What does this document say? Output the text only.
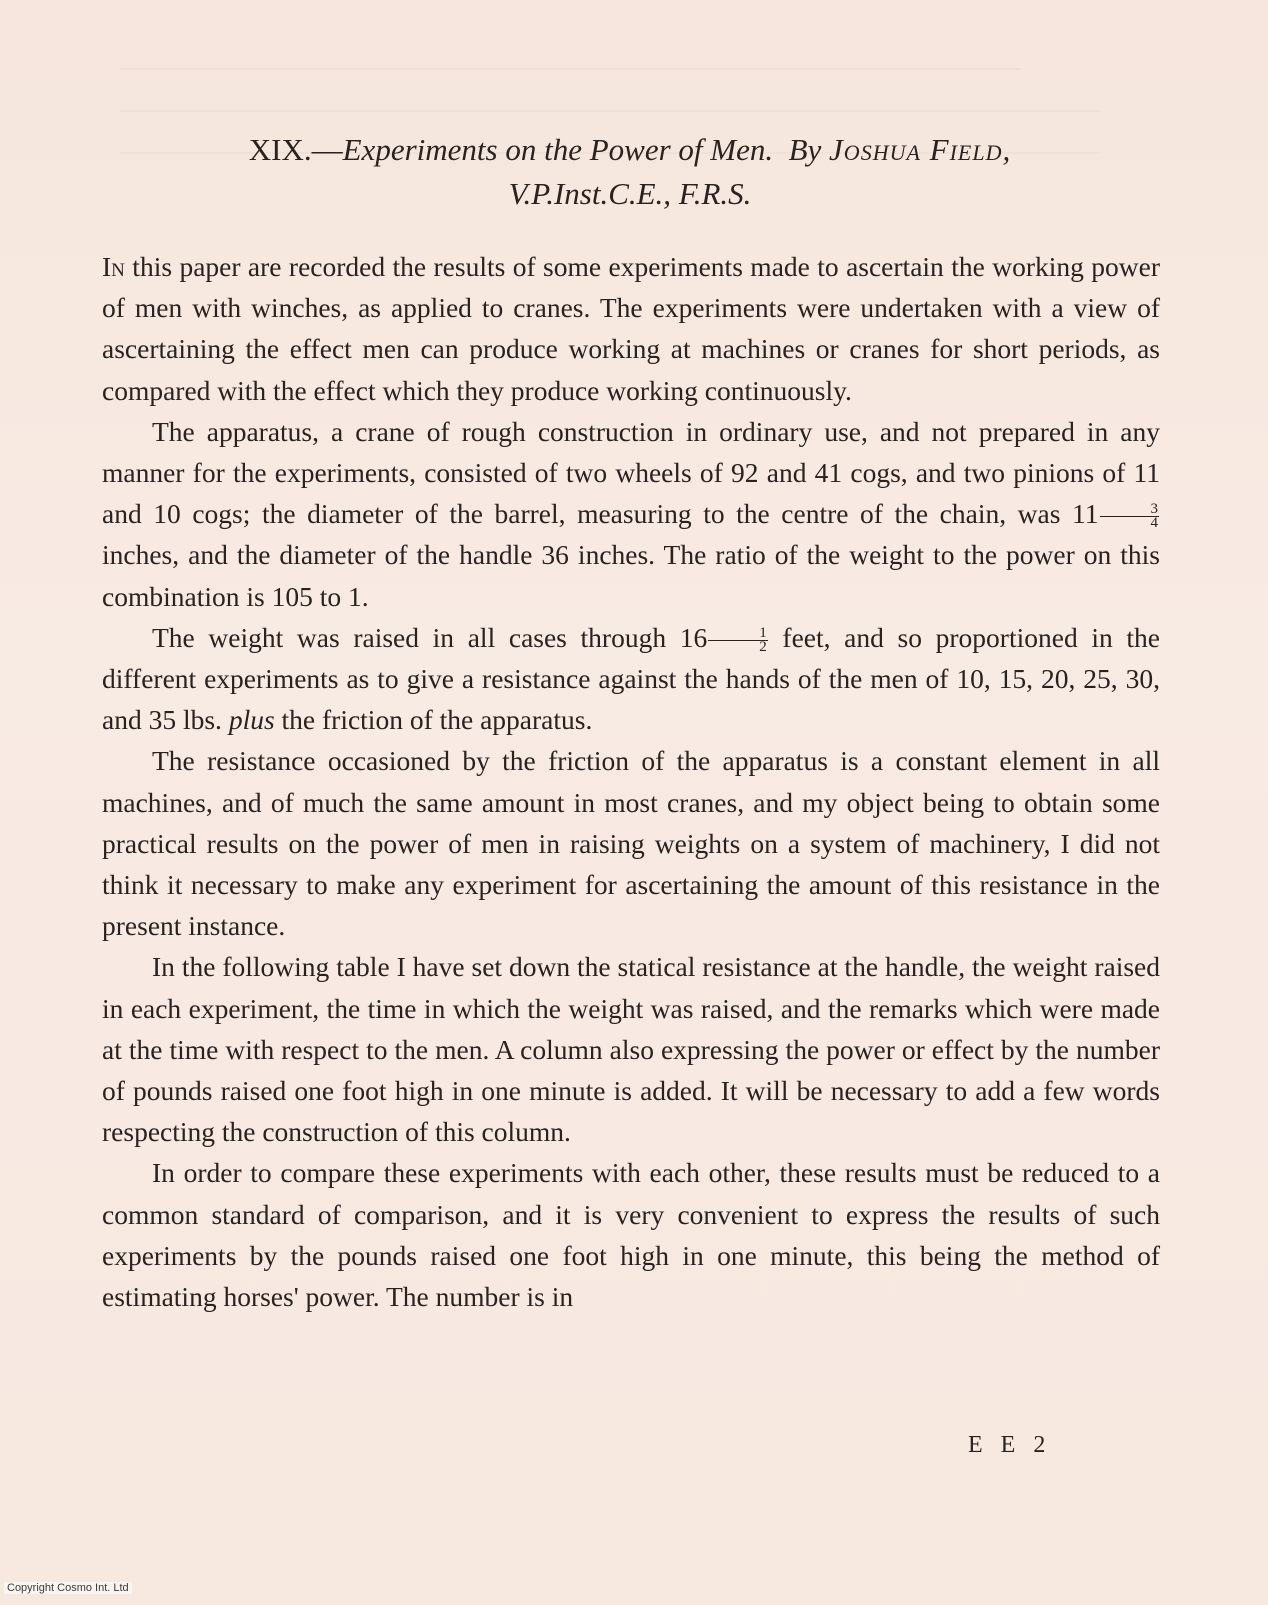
XIX.—Experiments on the Power of Men. By Joshua Field,
V.P.Inst.C.E., F.R.S.

In this paper are recorded the results of some experiments made to ascertain the working power of men with winches, as applied to cranes. The experiments were undertaken with a view of ascertaining the effect men can produce working at machines or cranes for short periods, as compared with the effect which they produce working continuously.

The apparatus, a crane of rough construction in ordinary use, and not prepared in any manner for the experiments, consisted of two wheels of 92 and 41 cogs, and two pinions of 11 and 10 cogs; the diameter of the barrel, measuring to the centre of the chain, was $11 \frac{3}{4}$
inches, and the diameter of the handle 36 inches. The ratio of the weight to the power on this combination is 105 to 1.

The weight was raised in all cases through $16 \frac{1}{2}$ feet, and so proportioned in the different experiments as to give a resistance against the hands of the men of 10, 15, 20, 25, 30, and 35 lbs. plus the friction of the apparatus.

The resistance occasioned by the friction of the apparatus is a constant element in all machines, and of much the same amount in most cranes, and my object being to obtain some practical results on the power of men in raising weights on a system of machinery, I did not think it necessary to make any experiment for ascertaining the amount of this resistance in the present instance.

In the following table I have set down the statical resistance at the handle, the weight raised in each experiment, the time in which the weight was raised, and the remarks which were made at the time with respect to the men. A column also expressing the power or effect by the number of pounds raised one foot high in one minute is added. It will be necessary to add a few words respecting the construction of this column.

In order to compare these experiments with each other, these results must be reduced to a common standard of comparison, and it is very convenient to express the results of such experiments by the pounds raised one foot high in one minute, this being the method of estimating horses' power. The number is in

E E 2
Copyright Cosmo Int. Ltd
